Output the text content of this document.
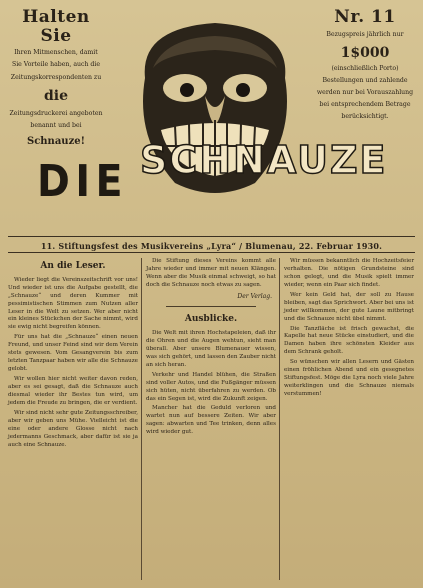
Halten Sie
Ihren Mitmenschen, damit
Sie Vorteile haben, auch die
Zeitungskorrespondenten zu
die
Zeitungsdruckerei angeboten
benannt und bei
Schnauze!
Nr. 11
Bezugspreis jährlich nur
1$000
(einschließlich Porto)
Bestellungen und zahlende
werden nur bei Vorauszahlung
bei entsprechendem Betrage
berücksichtigt.
DIE SCHNAUZE
11. Stiftungsfest des Musikvereins „Lyra“ / Blumenau, 22. Februar 1930.
An die Leser.

Wieder liegt die Vereinszeitschrift vor uns! Und wieder ist uns die Aufgabe gestellt, die „Schnauze“ und deren Kummer mit pessimistischen Stimmen zum Nutzen aller Leser in die Welt zu setzen. Wer aber nicht ein kleines Stückchen der Sache nimmt, wird sie ewig nicht begreifen können.

Für uns hat die „Schnauze“ einen neuen Freund, und unser Feind sind wir dem Verein stets gewesen. Vom Gesangverein bis zum letzten Tanzpaar haben wir alle die Schnauze gelobt.

Wir wollen hier nicht weiter davon reden, aber es sei gesagt, daß die Schnauze auch diesmal wieder ihr Bestes tun wird, um jedem die Freude zu bringen, die er verdient.

Wir sind nicht sehr gute Zeitungsschreiber, aber wir geben uns Mühe. Vielleicht ist die eine oder andere Glosse nicht nach jedermanns Geschmack, aber dafür ist sie ja auch eine Schnauze.

Die Stiftung dieses Vereins kommt alle Jahre wieder und immer mit neuen Klängen. Wenn aber die Musik einmal schweigt, so hat doch die Schnauze noch etwas zu sagen.

Der Verlag.
Ausblicke.

Die Welt mit ihren Hochstapeleien, daß ihr die Ohren und die Augen wehtun, sieht man überall. Aber unsere Blumenauer wissen, was sich gehört, und lassen den Zauber nicht an sich heran.

Verkehr und Handel blühen, die Straßen sind voller Autos, und die Fußgänger müssen sich hüten, nicht überfahren zu werden. Ob das ein Segen ist, wird die Zukunft zeigen.

Mancher hat die Geduld verloren und wartet nun auf bessere Zeiten. Wir aber sagen: abwarten und Tee trinken, denn alles wird wieder gut.

Wir müssen bekanntlich die Hochzeitsfeier verhalten. Die nötigen Grundsteine sind schon gelegt, und die Musik spielt immer wieder, wenn ein Paar sich findet.

Wer kein Geld hat, der soll zu Hause bleiben, sagt das Sprichwort. Aber bei uns ist jeder willkommen, der gute Laune mitbringt und die Schnauze nicht übel nimmt.

Die Tanzfläche ist frisch gewachst, die Kapelle hat neue Stücke einstudiert, und die Damen haben ihre schönsten Kleider aus dem Schrank geholt.

So wünschen wir allen Lesern und Gästen einen fröhlichen Abend und ein gesegnetes Stiftungsfest. Möge die Lyra noch viele Jahre weiterklingen und die Schnauze niemals verstummen!
